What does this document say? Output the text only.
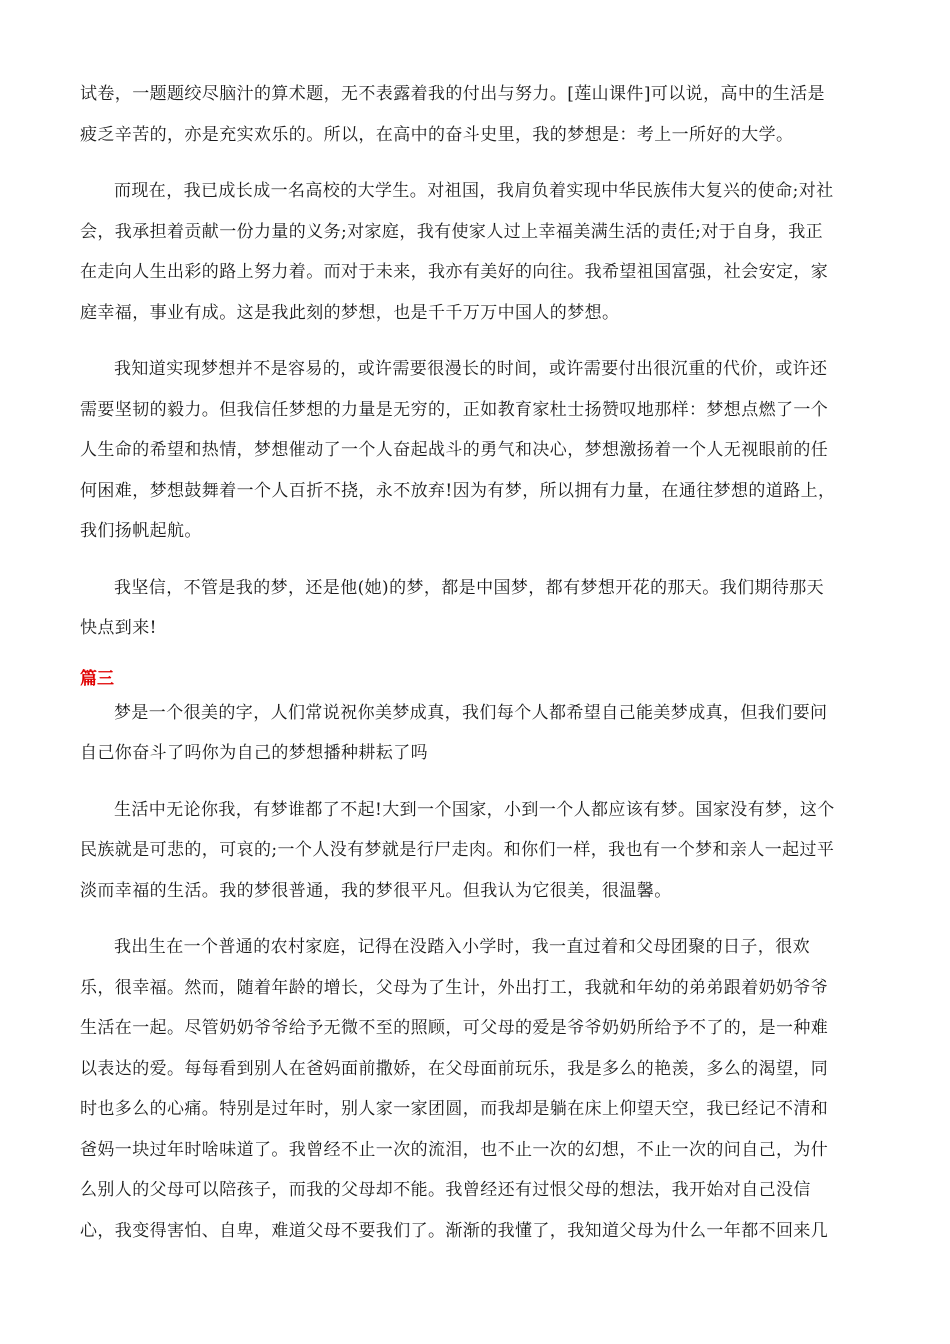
试卷，一题题绞尽脑汁的算术题，无不表露着我的付出与努力。[莲山课件]可以说，高中的生活是
疲乏辛苦的，亦是充实欢乐的。所以，在高中的奋斗史里，我的梦想是：考上一所好的大学。
而现在，我已成长成一名高校的大学生。对祖国，我肩负着实现中华民族伟大复兴的使命;对社
会，我承担着贡献一份力量的义务;对家庭，我有使家人过上幸福美满生活的责任;对于自身，我正
在走向人生出彩的路上努力着。而对于未来，我亦有美好的向往。我希望祖国富强，社会安定，家
庭幸福，事业有成。这是我此刻的梦想，也是千千万万中国人的梦想。
我知道实现梦想并不是容易的，或许需要很漫长的时间，或许需要付出很沉重的代价，或许还
需要坚韧的毅力。但我信任梦想的力量是无穷的，正如教育家杜士扬赞叹地那样：梦想点燃了一个
人生命的希望和热情，梦想催动了一个人奋起战斗的勇气和决心，梦想激扬着一个人无视眼前的任
何困难，梦想鼓舞着一个人百折不挠，永不放弃!因为有梦，所以拥有力量，在通往梦想的道路上，
我们扬帆起航。
我坚信，不管是我的梦，还是他(她)的梦，都是中国梦，都有梦想开花的那天。我们期待那天
快点到来!
篇三
梦是一个很美的字，人们常说祝你美梦成真，我们每个人都希望自己能美梦成真，但我们要问
自己你奋斗了吗你为自己的梦想播种耕耘了吗
生活中无论你我，有梦谁都了不起!大到一个国家，小到一个人都应该有梦。国家没有梦，这个
民族就是可悲的，可哀的;一个人没有梦就是行尸走肉。和你们一样，我也有一个梦和亲人一起过平
淡而幸福的生活。我的梦很普通，我的梦很平凡。但我认为它很美，很温馨。
我出生在一个普通的农村家庭，记得在没踏入小学时，我一直过着和父母团聚的日子，很欢
乐，很幸福。然而，随着年龄的增长，父母为了生计，外出打工，我就和年幼的弟弟跟着奶奶爷爷
生活在一起。尽管奶奶爷爷给予无微不至的照顾，可父母的爱是爷爷奶奶所给予不了的，是一种难
以表达的爱。每每看到别人在爸妈面前撒娇，在父母面前玩乐，我是多么的艳羡，多么的渴望，同
时也多么的心痛。特别是过年时，别人家一家团圆，而我却是躺在床上仰望天空，我已经记不清和
爸妈一块过年时啥味道了。我曾经不止一次的流泪，也不止一次的幻想，不止一次的问自己，为什
么别人的父母可以陪孩子，而我的父母却不能。我曾经还有过恨父母的想法，我开始对自己没信
心，我变得害怕、自卑，难道父母不要我们了。渐渐的我懂了，我知道父母为什么一年都不回来几
